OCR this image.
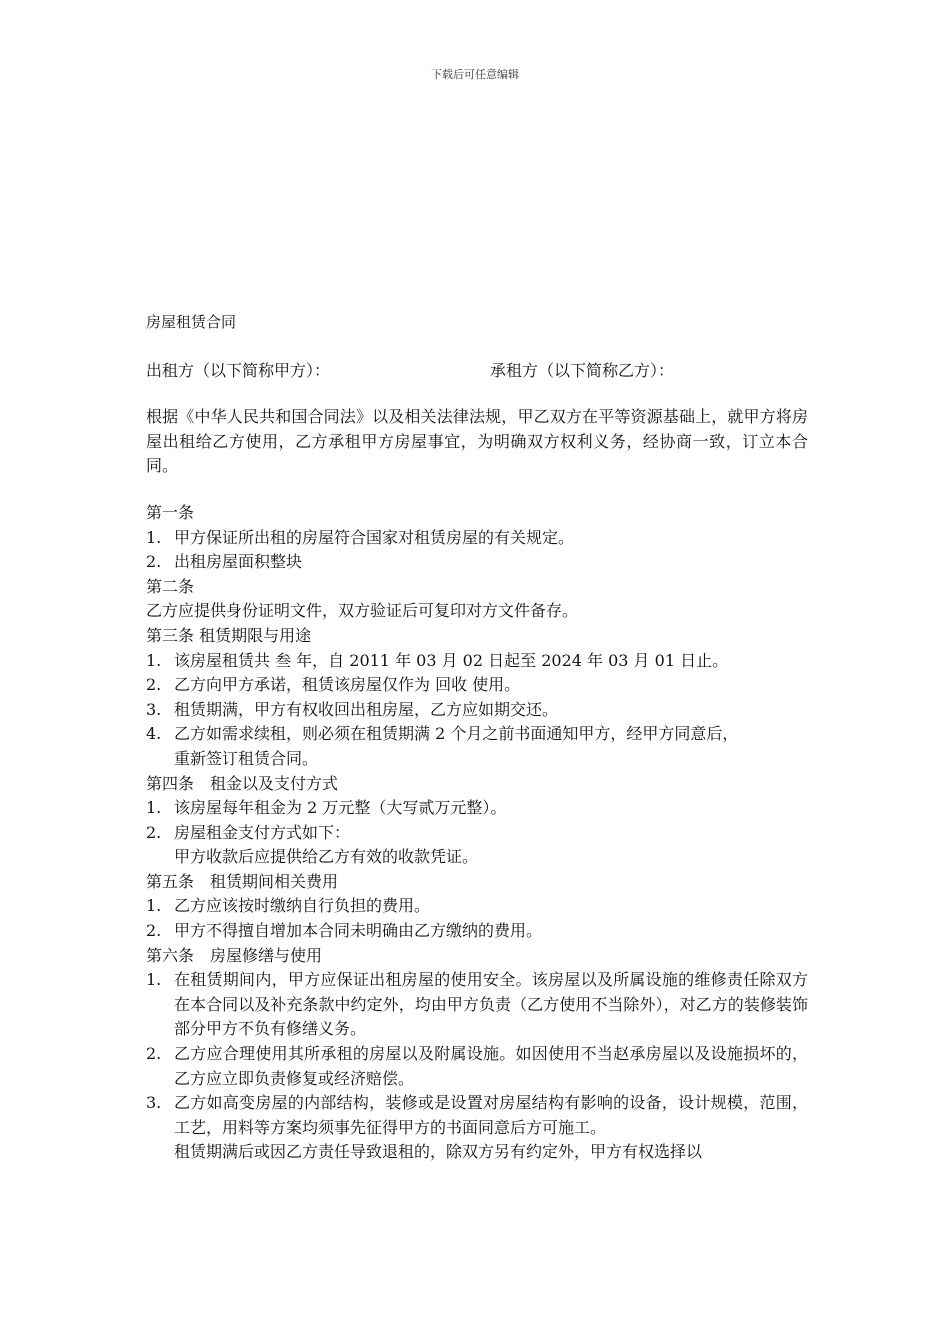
下载后可任意编辑

房屋租赁合同

出租方（以下简称甲方）：	承租方（以下简称乙方）：

根据《中华人民共和国合同法》以及相关法律法规，甲乙双方在平等资源基础上，就甲方将房屋出租给乙方使用，乙方承租甲方房屋事宜，为明确双方权利义务，经协商一致，订立本合同。

第一条

1. 甲方保证所出租的房屋符合国家对租赁房屋的有关规定。
2. 出租房屋面积整块

第二条

乙方应提供身份证明文件，双方验证后可复印对方文件备存。

第三条 租赁期限与用途

1. 该房屋租赁共 叁 年，自 2011 年 03 月 02 日起至 2024 年 03 月 01 日止。
2. 乙方向甲方承诺，租赁该房屋仅作为 回收 使用。
3. 租赁期满，甲方有权收回出租房屋，乙方应如期交还。
4. 乙方如需求续租，则必须在租赁期满 2 个月之前书面通知甲方，经甲方同意后，

重新签订租赁合同。

第四条　租金以及支付方式

1. 该房屋每年租金为 2 万元整（大写贰万元整）。
2. 房屋租金支付方式如下：

甲方收款后应提供给乙方有效的收款凭证。

第五条　租赁期间相关费用

1. 乙方应该按时缴纳自行负担的费用。
2. 甲方不得擅自增加本合同未明确由乙方缴纳的费用。

第六条　房屋修缮与使用

1. 在租赁期间内，甲方应保证出租房屋的使用安全。该房屋以及所属设施的维修责任除双方在本合同以及补充条款中约定外，均由甲方负责（乙方使用不当除外），对乙方的装修装饰部分甲方不负有修缮义务。
2. 乙方应合理使用其所承租的房屋以及附属设施。如因使用不当赵承房屋以及设施损坏的，乙方应立即负责修复或经济赔偿。
3. 乙方如高变房屋的内部结构，装修或是设置对房屋结构有影响的设备，设计规模，范围，工艺，用料等方案均须事先征得甲方的书面同意后方可施工。

租赁期满后或因乙方责任导致退租的，除双方另有约定外，甲方有权选择以
